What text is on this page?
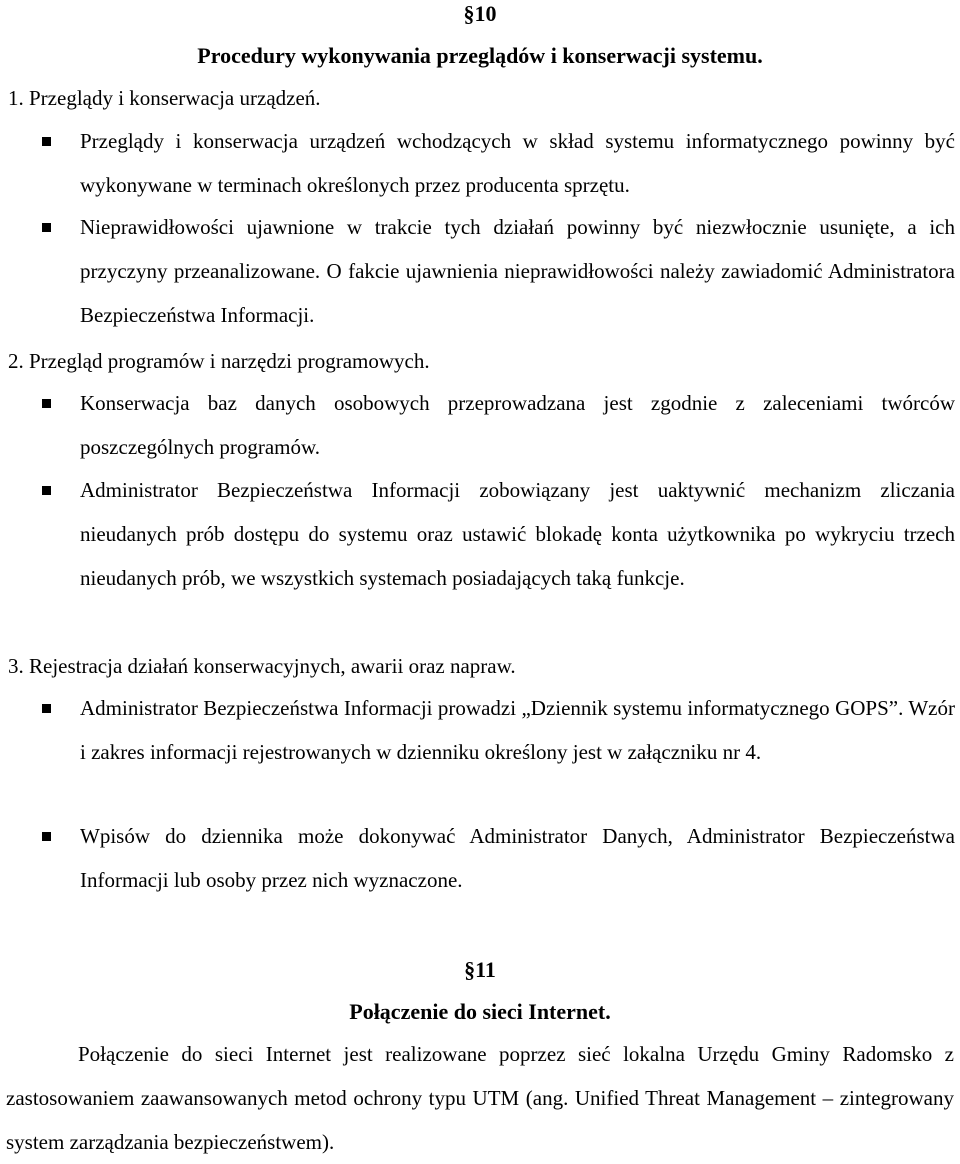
§10
Procedury wykonywania przeglądów i konserwacji systemu.
1. Przeglądy i konserwacja urządzeń.
Przeglądy i konserwacja urządzeń wchodzących w skład systemu informatycznego powinny być wykonywane w terminach określonych przez producenta sprzętu.
Nieprawidłowości ujawnione w trakcie tych działań powinny być niezwłocznie usunięte, a ich przyczyny przeanalizowane. O fakcie ujawnienia nieprawidłowości należy zawiadomić Administratora Bezpieczeństwa Informacji.
2. Przegląd programów i narzędzi programowych.
Konserwacja baz danych osobowych przeprowadzana jest zgodnie z zaleceniami twórców poszczególnych programów.
Administrator Bezpieczeństwa Informacji zobowiązany jest uaktywnić mechanizm zliczania nieudanych prób dostępu do systemu oraz ustawić blokadę konta użytkownika po wykryciu trzech nieudanych prób, we wszystkich systemach posiadających taką funkcje.
3. Rejestracja działań konserwacyjnych, awarii oraz napraw.
Administrator Bezpieczeństwa Informacji prowadzi „Dziennik systemu informatycznego GOPS”. Wzór i zakres informacji rejestrowanych w dzienniku określony jest w załączniku nr 4.
Wpisów do dziennika może dokonywać Administrator Danych, Administrator Bezpieczeństwa Informacji lub osoby przez nich wyznaczone.
§11
Połączenie do sieci Internet.
Połączenie do sieci Internet jest realizowane poprzez sieć lokalna Urzędu Gminy Radomsko z zastosowaniem zaawansowanych metod ochrony typu UTM (ang. Unified Threat Management – zintegrowany system zarządzania bezpieczeństwem).
